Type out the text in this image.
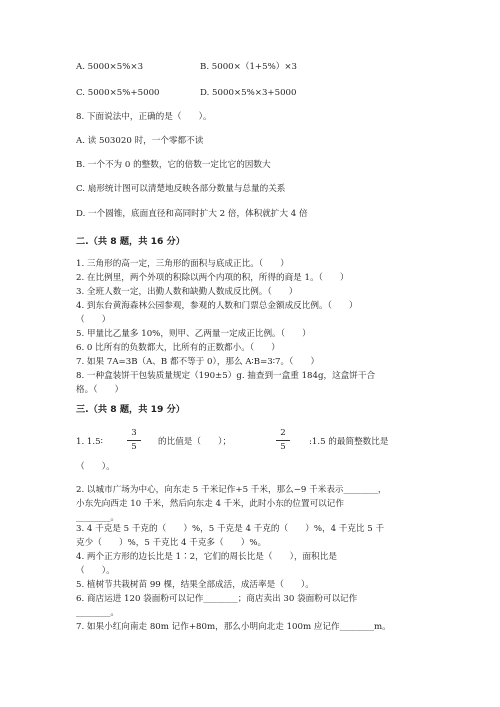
A. 5000×5%×3	B. 5000×（1+5%）×3
C. 5000×5%+5000	D. 5000×5%×3+5000
8. 下面说法中，正确的是（　　）。
A. 读 503020 时，一个零都不读
B. 一个不为 0 的整数，它的倍数一定比它的因数大
C. 扇形统计图可以清楚地反映各部分数量与总量的关系
D. 一个圆锥，底面直径和高同时扩大 2 倍，体积就扩大 4 倍
二.（共 8 题，共 16 分）
1. 三角形的高一定，三角形的面积与底成正比。（　　）
2. 在比例里，两个外项的积除以两个内项的积，所得的商是 1。（　　）
3. 全班人数一定，出勤人数和缺勤人数成反比例。（　　）
4. 到东台黄海森林公园参观，参观的人数和门票总金额成反比例。（　　）
（　　）
5. 甲量比乙量多 10%，则甲、乙两量一定成正比例。（　　）
6. 0 比所有的负数都大，比所有的正数都小。（　　）
7. 如果 7A=3B（A、B 都不等于 0），那么 A∶B=3∶7。（　　）
8. 一种盒装饼干包装质量规定（190±5）g. 抽查到一盒重 184g，这盒饼干合
格。（　　）
三.（共 8 题，共 19 分）
1. 1.5∶
3
5	的比值是（　　）；
2
5	:1.5 的最简整数比是
（　　）。
2. 以城市广场为中心，向东走 5 千米记作+5 千米，那么−9 千米表示________，
小东先向西走 10 千米，然后向东走 4 千米，此时小东的位置可以记作
________。
3. 4 千克是 5 千克的（　　）%，5 千克是 4 千克的（　　）%，4 千克比 5 千
克少（　　）%，5 千克比 4 千克多（　　）%。
4. 两个正方形的边长比是 1∶2，它们的周长比是（　　），面积比是
（　　）。
5. 植树节共栽树苗 99 棵，结果全部成活，成活率是（　　）。
6. 商店运进 120 袋面粉可以记作________；商店卖出 30 袋面粉可以记作
________。
7. 如果小红向南走 80m 记作+80m，那么小明向北走 100m 应记作________m。
